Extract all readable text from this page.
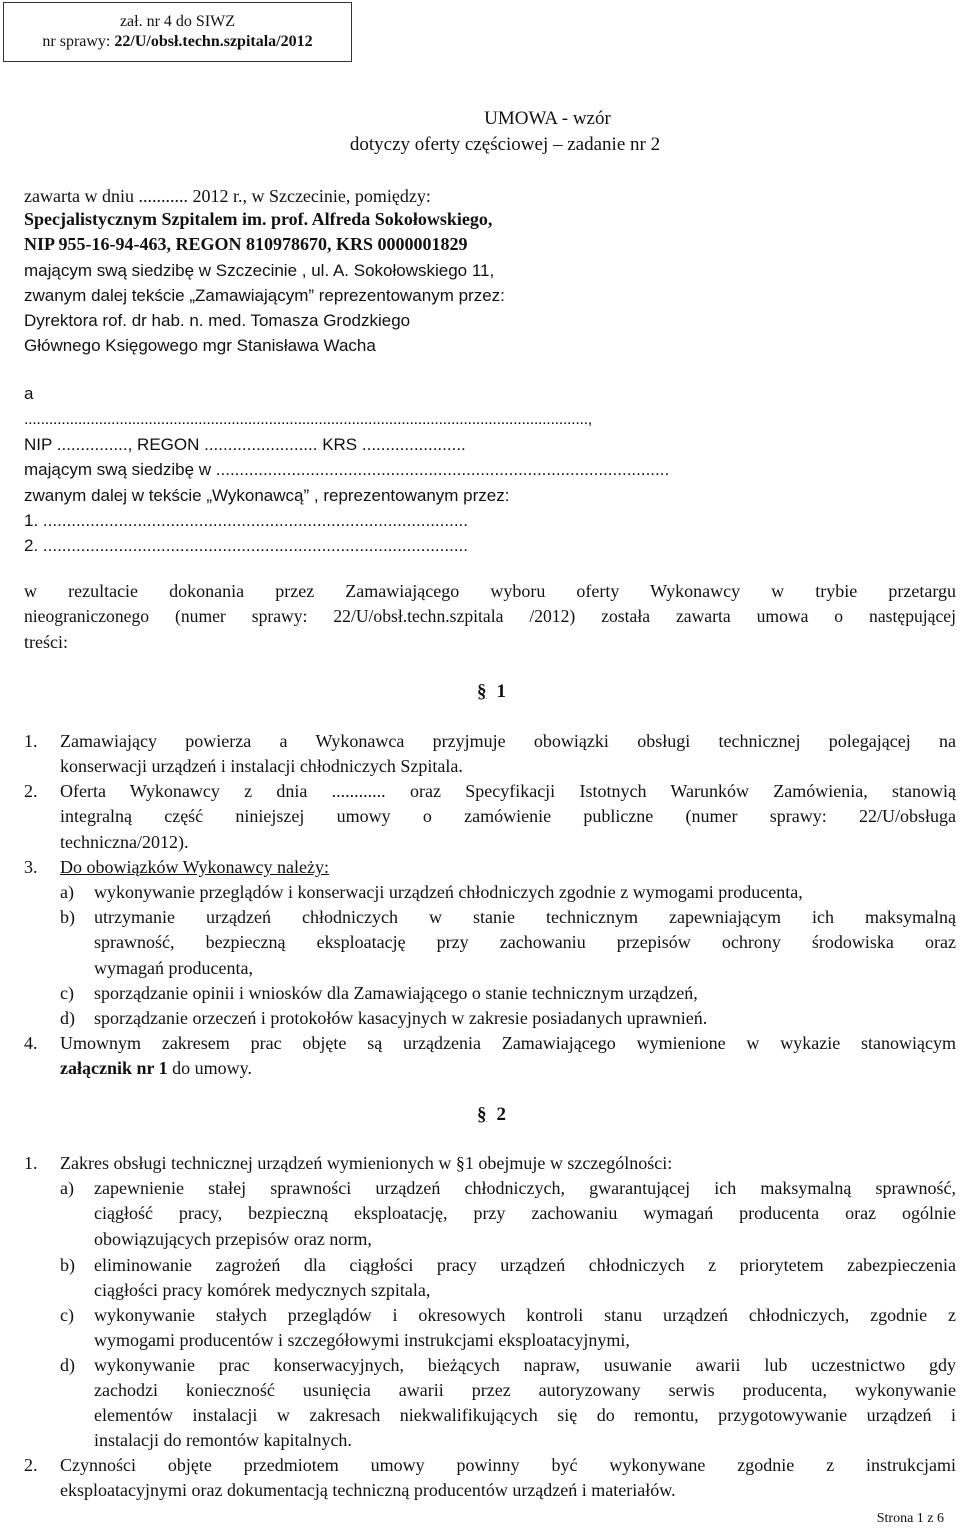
zał. nr 4 do SIWZ
nr sprawy: 22/U/obsł.techn.szpitala/2012
UMOWA - wzór
dotyczy oferty częściowej – zadanie nr 2
zawarta w dniu ........... 2012 r., w Szczecinie, pomiędzy:
Specjalistycznym Szpitalem im. prof. Alfreda Sokołowskiego,
NIP 955-16-94-463, REGON 810978670, KRS 0000001829
mającym swą siedzibę w Szczecinie , ul. A. Sokołowskiego 11,
zwanym dalej tekście „Zamawiającym” reprezentowanym przez:
Dyrektora rof. dr hab. n. med. Tomasza Grodzkiego
Głównego Księgowego mgr Stanisława Wacha
a
........................................................................................................................................,
NIP ..............., REGON ........................ KRS ......................
mającym swą siedzibę w ................................................................................................
zwanym dalej w tekście „Wykonawcą” , reprezentowanym przez:
1. ..........................................................................................
2. ..........................................................................................
w rezultacie dokonania przez Zamawiającego wyboru oferty Wykonawcy w trybie przetargu
nieograniczonego (numer sprawy: 22/U/obsł.techn.szpitala /2012) została zawarta umowa o następującej
treści:
§ 1
1. Zamawiający powierza a Wykonawca przyjmuje obowiązki obsługi technicznej polegającej na
konserwacji urządzeń i instalacji chłodniczych Szpitala.
2. Oferta Wykonawcy z dnia ............ oraz Specyfikacji Istotnych Warunków Zamówienia, stanowią
integralną część niniejszej umowy o zamówienie publiczne (numer sprawy: 22/U/obsługa
techniczna/2012).
3. Do obowiązków Wykonawcy należy:
a) wykonywanie przeglądów i konserwacji urządzeń chłodniczych zgodnie z wymogami producenta,
b) utrzymanie urządzeń chłodniczych w stanie technicznym zapewniającym ich maksymalną
sprawność, bezpieczną eksploatację przy zachowaniu przepisów ochrony środowiska oraz
wymagań producenta,
c) sporządzanie opinii i wniosków dla Zamawiającego o stanie technicznym urządzeń,
d) sporządzanie orzeczeń i protokołów kasacyjnych w zakresie posiadanych uprawnień.
4. Umownym zakresem prac objęte są urządzenia Zamawiającego wymienione w wykazie stanowiącym
załącznik nr 1 do umowy.
§ 2
1. Zakres obsługi technicznej urządzeń wymienionych w §1 obejmuje w szczególności:
a) zapewnienie stałej sprawności urządzeń chłodniczych, gwarantującej ich maksymalną sprawność,
ciągłość pracy, bezpieczną eksploatację, przy zachowaniu wymagań producenta oraz ogólnie
obowiązujących przepisów oraz norm,
b) eliminowanie zagrożeń dla ciągłości pracy urządzeń chłodniczych z priorytetem zabezpieczenia
ciągłości pracy komórek medycznych szpitala,
c) wykonywanie stałych przeglądów i okresowych kontroli stanu urządzeń chłodniczych, zgodnie z
wymogami producentów i szczegółowymi instrukcjami eksploatacyjnymi,
d) wykonywanie prac konserwacyjnych, bieżących napraw, usuwanie awarii lub uczestnictwo gdy
zachodzi konieczność usunięcia awarii przez autoryzowany serwis producenta, wykonywanie
elementów instalacji w zakresach niekwalifikujących się do remontu, przygotowywanie urządzeń i
instalacji do remontów kapitalnych.
2. Czynności objęte przedmiotem umowy powinny być wykonywane zgodnie z instrukcjami
eksploatacyjnymi oraz dokumentacją techniczną producentów urządzeń i materiałów.
Strona 1 z 6
